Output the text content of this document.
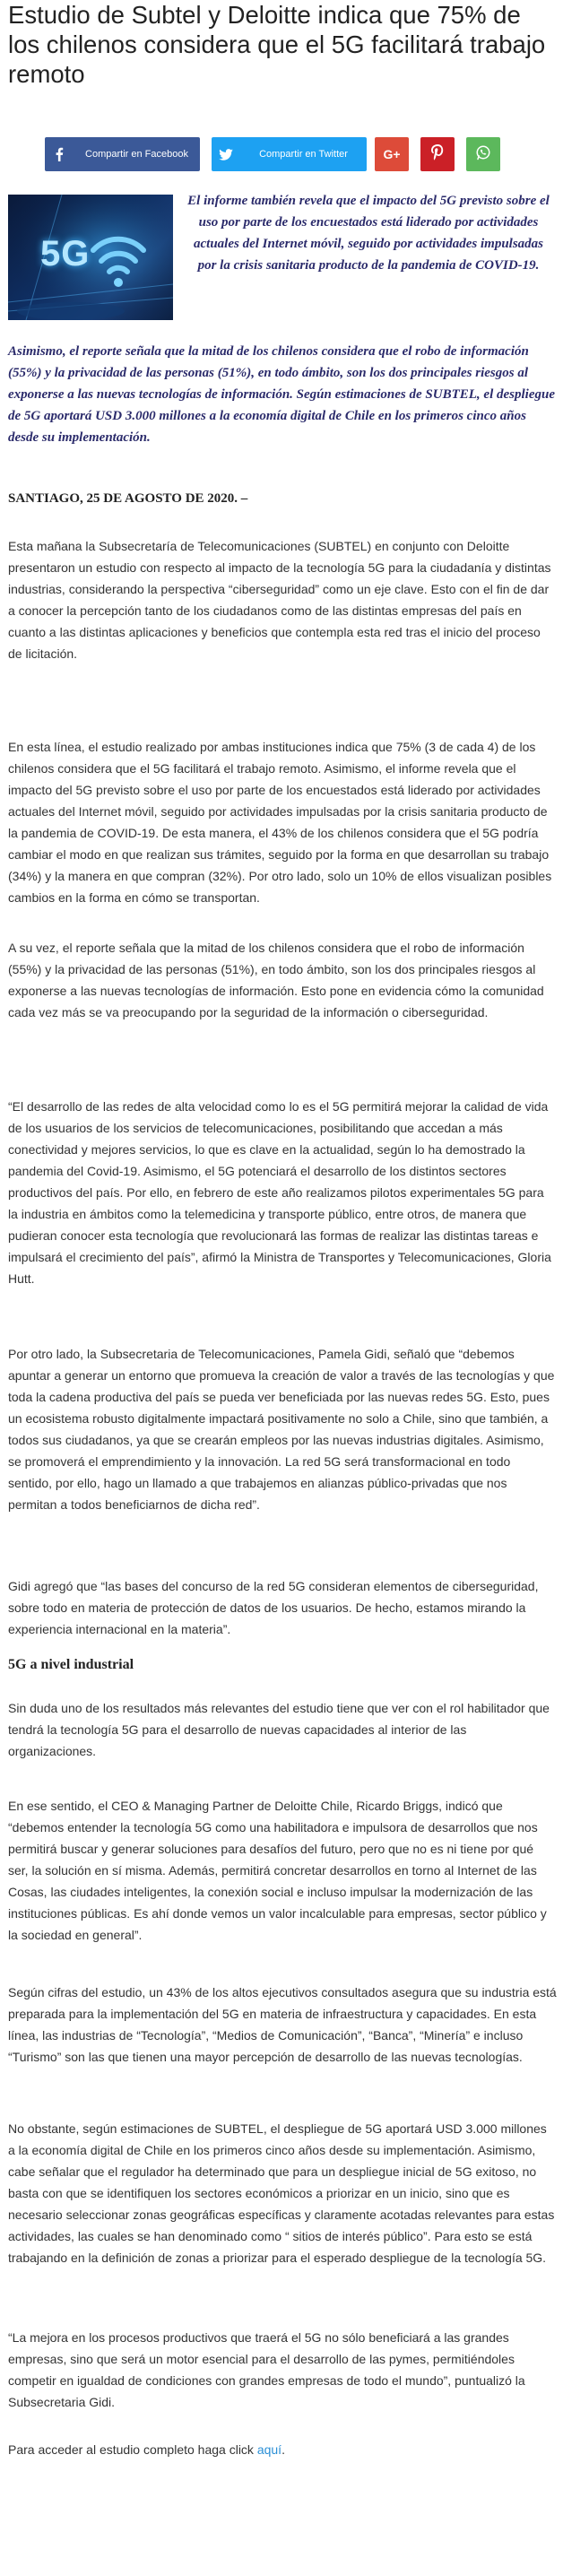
Estudio de Subtel y Deloitte indica que 75% de los chilenos considera que el 5G facilitará trabajo remoto
Compartir en Facebook	Compartir en Twitter	G+
5G

El informe también revela que el impacto del 5G previsto sobre el uso por parte de los encuestados está liderado por actividades actuales del Internet móvil, seguido por actividades impulsadas por la crisis sanitaria producto de la pandemia de COVID-19.

Asimismo, el reporte señala que la mitad de los chilenos considera que el robo de información (55%) y la privacidad de las personas (51%), en todo ámbito, son los dos principales riesgos al exponerse a las nuevas tecnologías de información. Según estimaciones de SUBTEL, el despliegue de 5G aportará USD 3.000 millones a la economía digital de Chile en los primeros cinco años desde su implementación.

SANTIAGO, 25 DE AGOSTO DE 2020. –

Esta mañana la Subsecretaría de Telecomunicaciones (SUBTEL) en conjunto con Deloitte presentaron un estudio con respecto al impacto de la tecnología 5G para la ciudadanía y distintas industrias, considerando la perspectiva “ciberseguridad” como un eje clave. Esto con el fin de dar a conocer la percepción tanto de los ciudadanos como de las distintas empresas del país en cuanto a las distintas aplicaciones y beneficios que contempla esta red tras el inicio del proceso de licitación.

En esta línea, el estudio realizado por ambas instituciones indica que 75% (3 de cada 4) de los chilenos considera que el 5G facilitará el trabajo remoto. Asimismo, el informe revela que el impacto del 5G previsto sobre el uso por parte de los encuestados está liderado por actividades actuales del Internet móvil, seguido por actividades impulsadas por la crisis sanitaria producto de la pandemia de COVID-19. De esta manera, el 43% de los chilenos considera que el 5G podría cambiar el modo en que realizan sus trámites, seguido por la forma en que desarrollan su trabajo (34%) y la manera en que compran (32%). Por otro lado, solo un 10% de ellos visualizan posibles cambios en la forma en cómo se transportan.

A su vez, el reporte señala que la mitad de los chilenos considera que el robo de información (55%) y la privacidad de las personas (51%), en todo ámbito, son los dos principales riesgos al exponerse a las nuevas tecnologías de información. Esto pone en evidencia cómo la comunidad cada vez más se va preocupando por la seguridad de la información o ciberseguridad.

“El desarrollo de las redes de alta velocidad como lo es el 5G permitirá mejorar la calidad de vida de los usuarios de los servicios de telecomunicaciones, posibilitando que accedan a más conectividad y mejores servicios, lo que es clave en la actualidad, según lo ha demostrado la pandemia del Covid-19. Asimismo, el 5G potenciará el desarrollo de los distintos sectores productivos del país. Por ello, en febrero de este año realizamos pilotos experimentales 5G para la industria en ámbitos como la telemedicina y transporte público, entre otros, de manera que pudieran conocer esta tecnología que revolucionará las formas de realizar las distintas tareas e impulsará el crecimiento del país”, afirmó la Ministra de Transportes y Telecomunicaciones, Gloria Hutt.

Por otro lado, la Subsecretaria de Telecomunicaciones, Pamela Gidi, señaló que “debemos apuntar a generar un entorno que promueva la creación de valor a través de las tecnologías y que toda la cadena productiva del país se pueda ver beneficiada por las nuevas redes 5G. Esto, pues un ecosistema robusto digitalmente impactará positivamente no solo a Chile, sino que también, a todos sus ciudadanos, ya que se crearán empleos por las nuevas industrias digitales. Asimismo, se promoverá el emprendimiento y la innovación. La red 5G será transformacional en todo sentido, por ello, hago un llamado a que trabajemos en alianzas público-privadas que nos permitan a todos beneficiarnos de dicha red”.

Gidi agregó que “las bases del concurso de la red 5G consideran elementos de ciberseguridad, sobre todo en materia de protección de datos de los usuarios. De hecho, estamos mirando la experiencia internacional en la materia”.

5G a nivel industrial

Sin duda uno de los resultados más relevantes del estudio tiene que ver con el rol habilitador que tendrá la tecnología 5G para el desarrollo de nuevas capacidades al interior de las organizaciones.

En ese sentido, el CEO & Managing Partner de Deloitte Chile, Ricardo Briggs, indicó que “debemos entender la tecnología 5G como una habilitadora e impulsora de desarrollos que nos permitirá buscar y generar soluciones para desafíos del futuro, pero que no es ni tiene por qué ser, la solución en sí misma. Además, permitirá concretar desarrollos en torno al Internet de las Cosas, las ciudades inteligentes, la conexión social e incluso impulsar la modernización de las instituciones públicas. Es ahí donde vemos un valor incalculable para empresas, sector público y la sociedad en general”.

Según cifras del estudio, un 43% de los altos ejecutivos consultados asegura que su industria está preparada para la implementación del 5G en materia de infraestructura y capacidades. En esta línea, las industrias de “Tecnología”, “Medios de Comunicación”, “Banca”, “Minería” e incluso “Turismo” son las que tienen una mayor percepción de desarrollo de las nuevas tecnologías.

No obstante, según estimaciones de SUBTEL, el despliegue de 5G aportará USD 3.000 millones a la economía digital de Chile en los primeros cinco años desde su implementación. Asimismo, cabe señalar que el regulador ha determinado que para un despliegue inicial de 5G exitoso, no basta con que se identifiquen los sectores económicos a priorizar en un inicio, sino que es necesario seleccionar zonas geográficas específicas y claramente acotadas relevantes para estas actividades, las cuales se han denominado como “ sitios de interés público”. Para esto se está trabajando en la definición de zonas a priorizar para el esperado despliegue de la tecnología 5G.

“La mejora en los procesos productivos que traerá el 5G no sólo beneficiará a las grandes empresas, sino que será un motor esencial para el desarrollo de las pymes, permitiéndoles competir en igualdad de condiciones con grandes empresas de todo el mundo”, puntualizó la Subsecretaria Gidi.

Para acceder al estudio completo haga click aquí.
